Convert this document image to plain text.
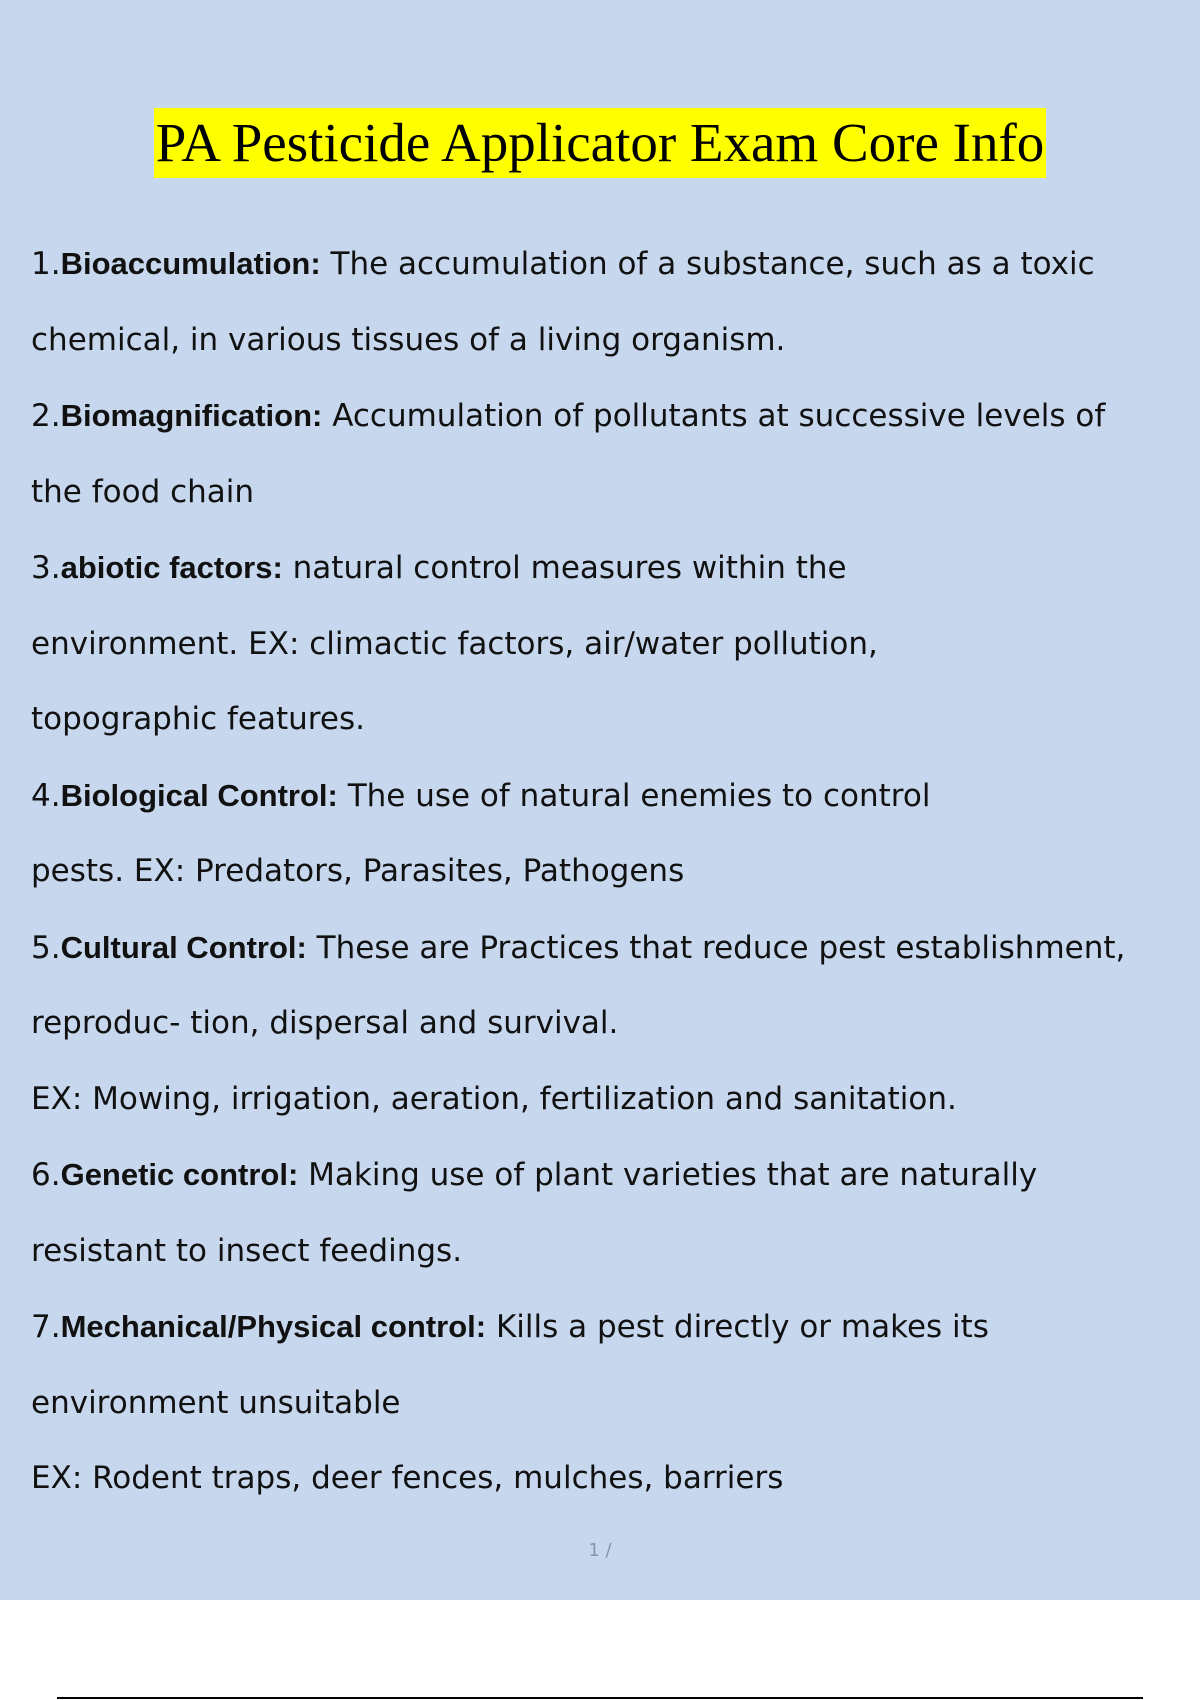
PA Pesticide Applicator Exam Core Info
1.Bioaccumulation: The accumulation of a substance, such as a toxic
chemical, in various tissues of a living organism.
2.Biomagnification: Accumulation of pollutants at successive levels of
the food chain
3.abiotic factors: natural control measures within the
environment. EX: climactic factors, air/water pollution,
topographic features.
4.Biological Control: The use of natural enemies to control
pests. EX: Predators, Parasites, Pathogens
5.Cultural Control: These are Practices that reduce pest establishment,
reproduc- tion, dispersal and survival.
EX: Mowing, irrigation, aeration, fertilization and sanitation.
6.Genetic control: Making use of plant varieties that are naturally
resistant to insect feedings.
7.Mechanical/Physical control: Kills a pest directly or makes its
environment unsuitable
EX: Rodent traps, deer fences, mulches, barriers
1 /
